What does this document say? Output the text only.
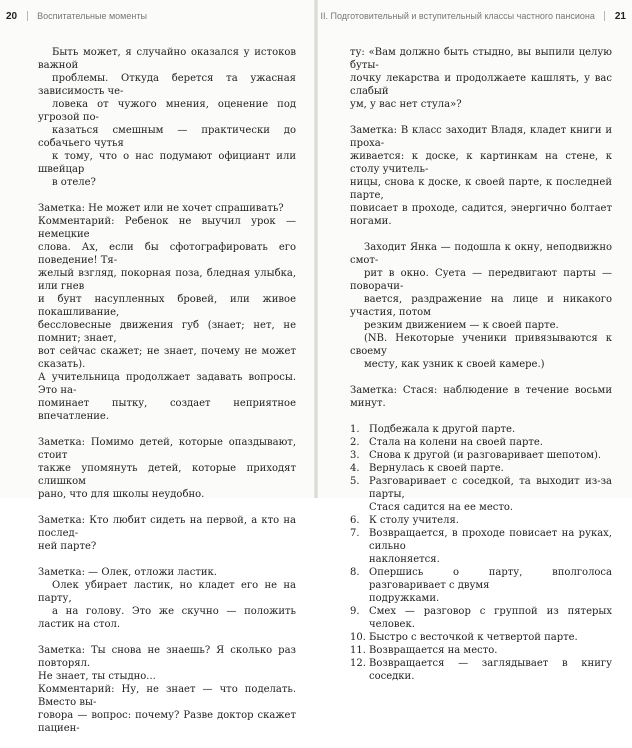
20	Воспитательные моменты

Быть может, я случайно оказался у истоков важной
проблемы. Откуда берется та ужасная зависимость че-
ловека от чужого мнения, оценение под угрозой по-
казаться смешным — практически до собачьего чутья
к тому, что о нас подумают официант или швейцар
в отеле?

Заметка: Не может или не хочет спрашивать?
Комментарий: Ребенок не выучил урок — немецкие
слова. Ах, если бы сфотографировать его поведение! Тя-
желый взгляд, покорная поза, бледная улыбка, или гнев
и бунт насупленных бровей, или живое покашливание,
бессловесные движения губ (знает; нет, не помнит; знает,
вот сейчас скажет; не знает, почему не может сказать).
А учительница продолжает задавать вопросы. Это на-
поминает пытку, создает неприятное впечатление.

Заметка: Помимо детей, которые опаздывают, стоит
также упомянуть детей, которые приходят слишком
рано, что для школы неудобно.

Заметка: Кто любит сидеть на первой, а кто на послед-
ней парте?

Заметка: — Олек, отложи ластик.

Олек убирает ластик, но кладет его не на парту,
а на голову. Это же скучно — положить ластик на стол.

Заметка: Ты снова не знаешь? Я сколько раз повторял.
Не знает, ты стыдно...
Комментарий: Ну, не знает — что поделать. Вместо вы-
говора — вопрос: почему? Разве доктор скажет пациен-

II. Подготовительный и вступительный классы частного пансиона	21

ту: «Вам должно быть стыдно, вы выпили целую буты-
лочку лекарства и продолжаете кашлять, у вас слабый
ум, у вас нет стула»?

Заметка: В класс заходит Владя, кладет книги и проха-
живается: к доске, к картинкам на стене, к столу учитель-
ницы, снова к доске, к своей парте, к последней парте,
повисает в проходе, садится, энергично болтает ногами.

Заходит Янка — подошла к окну, неподвижно смот-
рит в окно. Суета — передвигают парты — поворачи-
вается, раздражение на лице и никакого участия, потом
резким движением — к своей парте.

(NB. Некоторые ученики привязываются к своему
месту, как узник к своей камере.)

Заметка: Стася: наблюдение в течение восьми минут.

1. Подбежала к другой парте.
2. Стала на колени на своей парте.
3. Снова к другой (и разговаривает шепотом).
4. Вернулась к своей парте.
5. Разговаривает с соседкой, та выходит из-за парты,
Стася садится на ее место.
6. К столу учителя.
7. Возвращается, в проходе повисает на руках, сильно
наклоняется.
8. Опершись о парту, вполголоса разговаривает с двумя
подружками.
9. Смех — разговор с группой из пятерых человек.
10. Быстро с весточкой к четвертой парте.
11. Возвращается на место.
12. Возвращается — заглядывает в книгу соседки.
